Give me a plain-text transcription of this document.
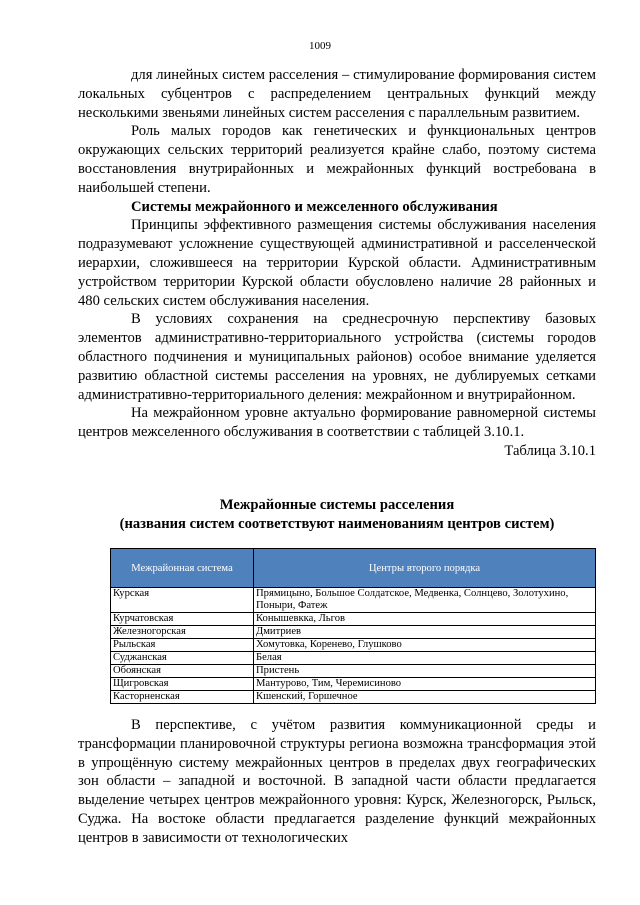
1009

для линейных систем расселения – стимулирование формирования систем локальных субцентров с распределением центральных функций между несколькими звеньями линейных систем расселения с параллельным развитием.

Роль малых городов как генетических и функциональных центров окружающих сельских территорий реализуется крайне слабо, поэтому система восстановления внутрирайонных и межрайонных функций востребована в наибольшей степени.

Системы межрайонного и межселенного обслуживания

Принципы эффективного размещения системы обслуживания населения подразумевают усложнение существующей административной и расселенческой иерархии, сложившееся на территории Курской области. Административным устройством территории Курской области обусловлено наличие 28 районных и 480 сельских систем обслуживания населения.

В условиях сохранения на среднесрочную перспективу базовых элементов административно-территориального устройства (системы городов областного подчинения и муниципальных районов) особое внимание уделяется развитию областной системы расселения на уровнях, не дублируемых сетками административно-территориального деления: межрайонном и внутрирайонном.

На межрайонном уровне актуально формирование равномерной системы центров межселенного обслуживания в соответствии с таблицей 3.10.1.

Таблица 3.10.1

Межрайонные системы расселения
(названия систем соответствуют наименованиям центров систем)
Межрайонная система	Центры второго порядка
Курская	Прямицыно, Большое Солдатское, Медвенка, Солнцево, Золотухино, Поныри, Фатеж
Курчатовская	Конышевкка, Льгов
Железногорская	Дмитриев
Рыльская	Хомутовка, Коренево, Глушково
Суджанская	Белая
Обоянская	Пристень
Щигровская	Мантурово, Тим, Черемисиново
Касторненская	Кшенский, Горшечное

В перспективе, с учётом развития коммуникационной среды и трансформации планировочной структуры региона возможна трансформация этой в упрощённую систему межрайонных центров в пределах двух географических зон области – западной и восточной. В западной части области предлагается выделение четырех центров межрайонного уровня: Курск, Железногорск, Рыльск, Суджа. На востоке области предлагается разделение функций межрайонных центров в зависимости от технологических
